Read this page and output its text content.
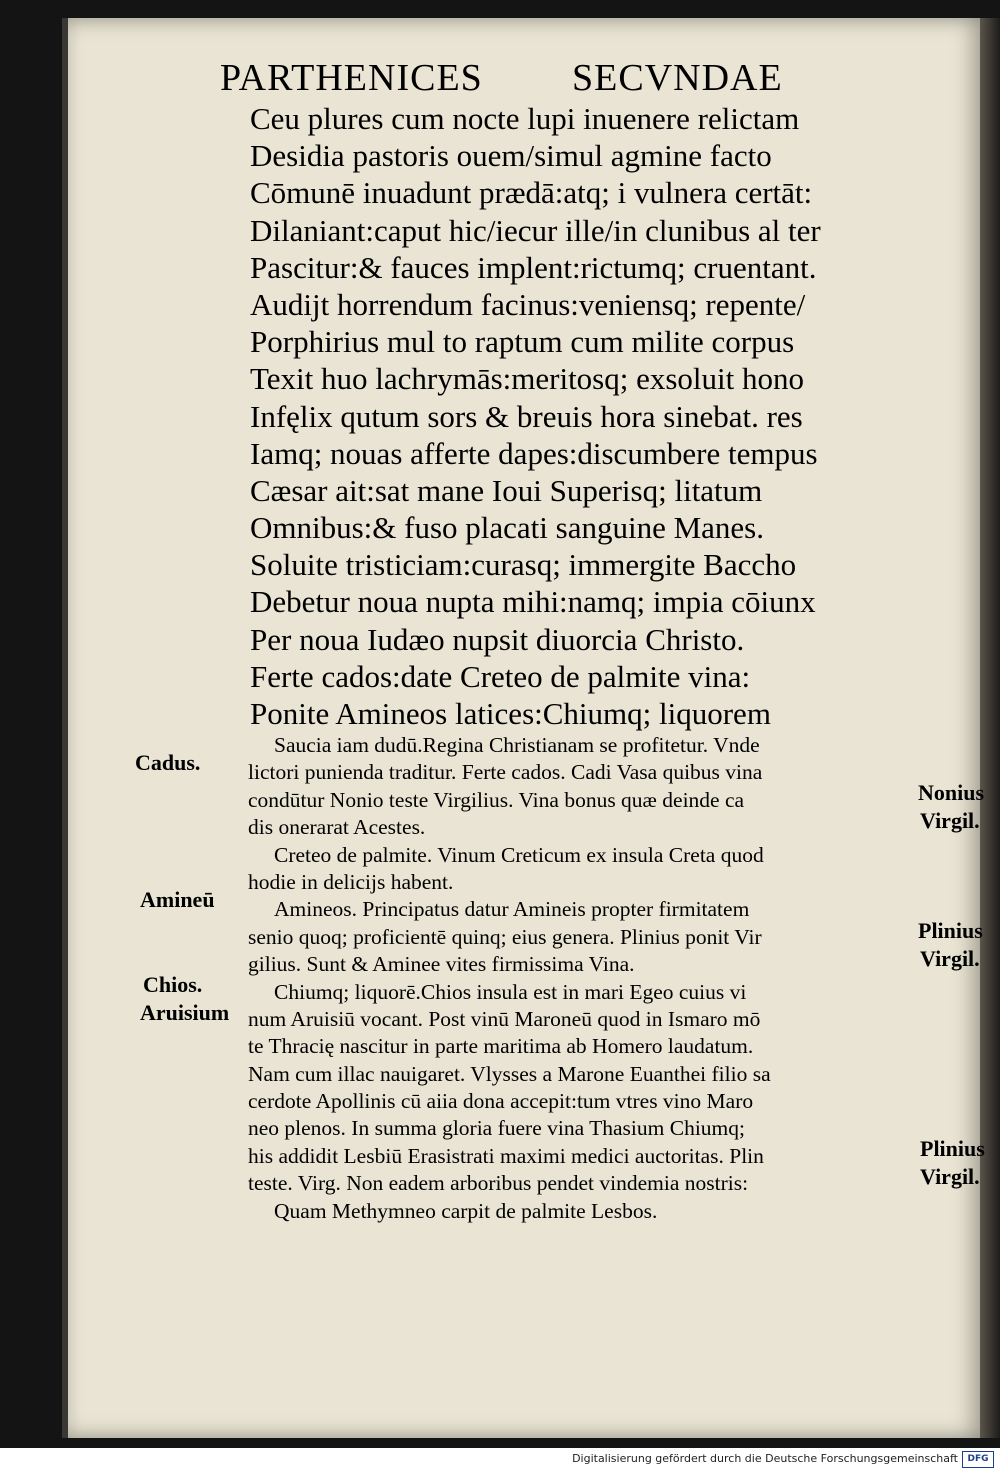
PARTHENICES SECVNDAE
Ceu plures cum nocte lupi inuenere relictam
Desidia pastoris ouem/simul agmine facto
Cōmunē inuadunt prædā:atq; i vulnera certāt:
Dilaniant:caput hic/iecur ille/in clunibus al ter
Pascitur:& fauces implent:rictumq; cruentant.
Audijt horrendum facinus:veniensq; repente/
Porphirius mul to raptum cum milite corpus
Texit huo lachrymās:meritosq; exsoluit hono
Infęlix qutum sors & breuis hora sinebat. res
Iamq; nouas afferte dapes:discumbere tempus
Cæsar ait:sat mane Ioui Superisq; litatum
Omnibus:& fuso placati sanguine Manes.
Soluite tristiciam:curasq; immergite Baccho
Debetur noua nupta mihi:namq; impia cōiunx
Per noua Iudæo nupsit diuorcia Christo.
Ferte cados:date Creteo de palmite vina:
Ponite Amineos latices:Chiumq; liquorem
Saucia iam dudū.Regina Christianam se profitetur. Vnde
lictori punienda traditur. Ferte cados. Cadi Vasa quibus vina
condūtur Nonio teste Virgilius. Vina bonus quæ deinde ca
dis onerarat Acestes.
Creteo de palmite. Vinum Creticum ex insula Creta quod
hodie in delicijs habent.
Amineos. Principatus datur Amineis propter firmitatem
senio quoq; proficientē quinq; eius genera. Plinius ponit Vir
gilius. Sunt & Aminee vites firmissima Vina.
Chiumq; liquorē.Chios insula est in mari Egeo cuius vi
num Aruisiū vocant. Post vinū Maroneū quod in Ismaro mō
te Thracię nascitur in parte maritima ab Homero laudatum.
Nam cum illac nauigaret. Vlysses a Marone Euanthei filio sa
cerdote Apollinis cū aiia dona accepit:tum vtres vino Maro
neo plenos. In summa gloria fuere vina Thasium Chiumq;
his addidit Lesbiū Erasistrati maximi medici auctoritas. Plin
teste. Virg. Non eadem arboribus pendet vindemia nostris:
Quam Methymneo carpit de palmite Lesbos.
Cadus.
Amineū
Chios.
Aruisium
Nonius
Virgil.
Plinius
Virgil.
Plinius
Virgil.
Digitalisierung gefördert durch die Deutsche Forschungsgemeinschaft	DFG
